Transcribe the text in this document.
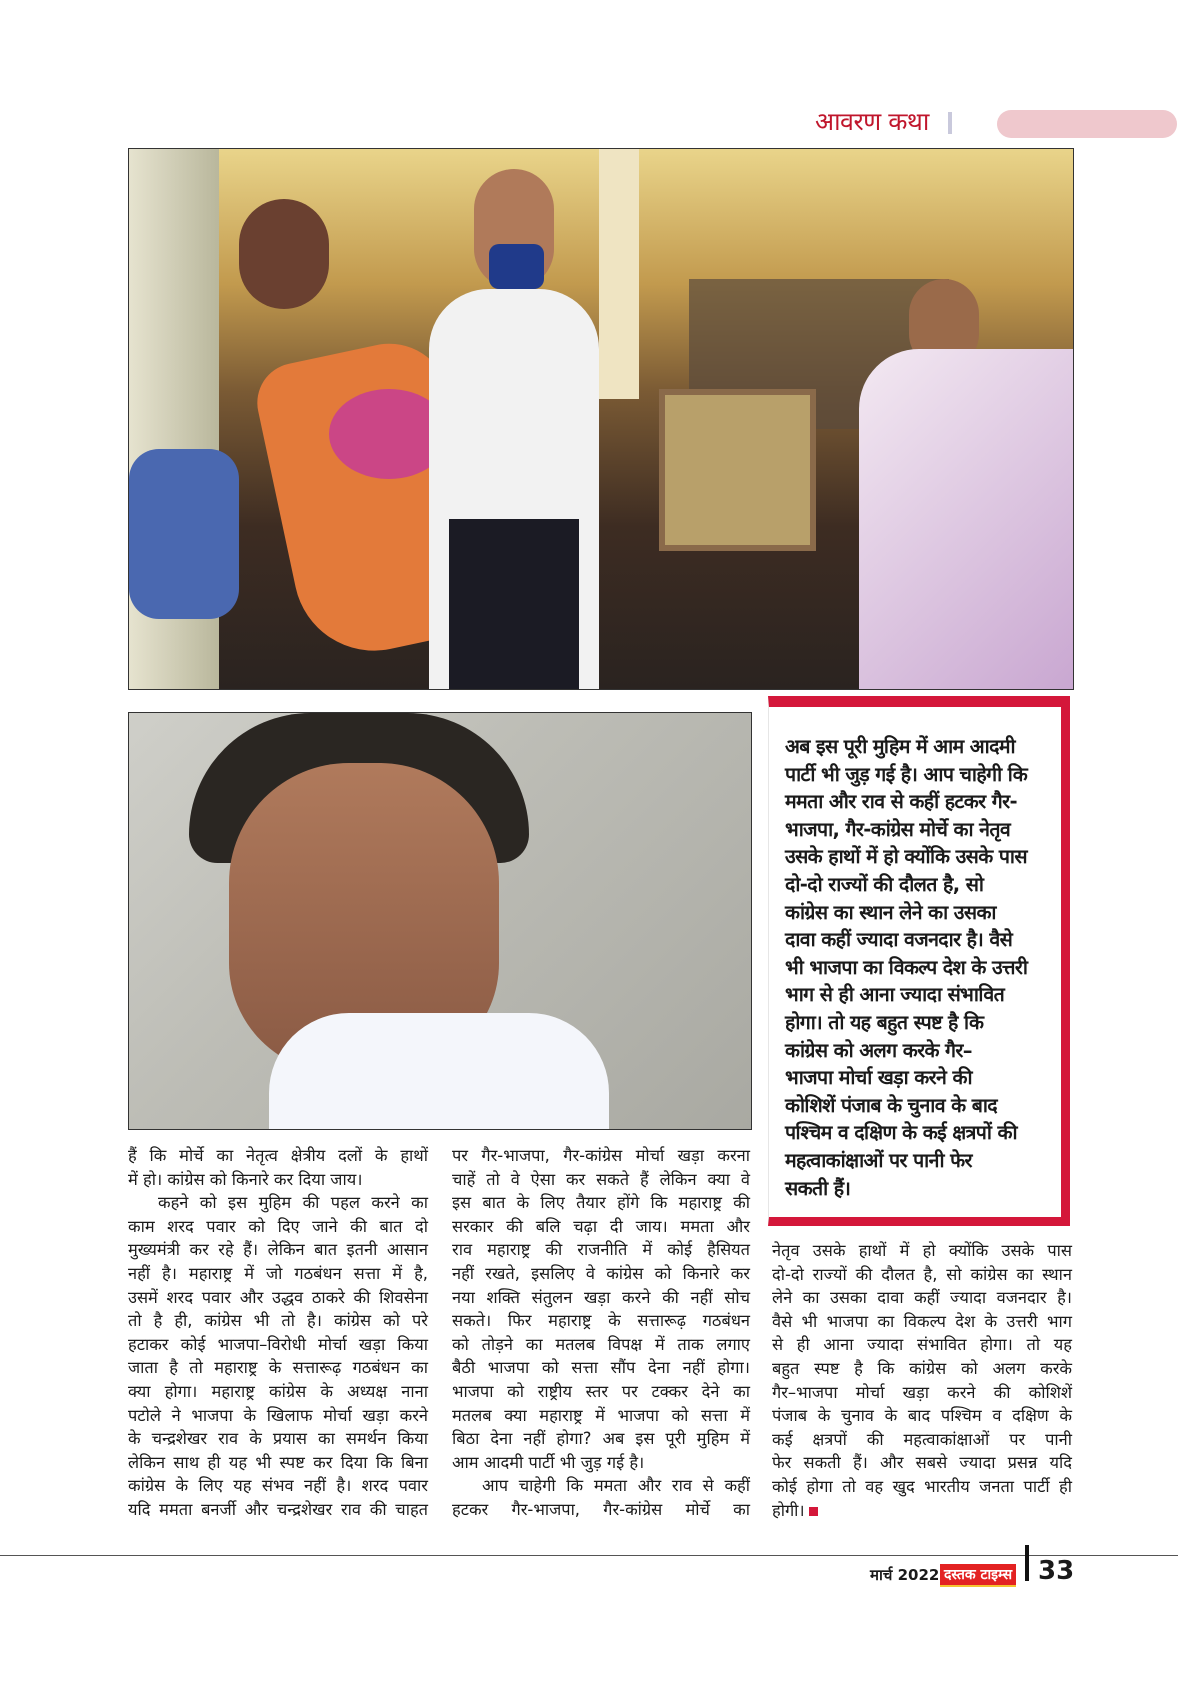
आवरण कथा
अब इस पूरी मुहिम में आम आदमी
पार्टी भी जुड़ गई है। आप चाहेगी कि
ममता और राव से कहीं हटकर गैर-
भाजपा, गैर-कांग्रेस मोर्चे का नेतृव
उसके हाथों में हो क्योंकि उसके पास
दो-दो राज्यों की दौलत है, सो
कांग्रेस का स्थान लेने का उसका
दावा कहीं ज्यादा वजनदार है। वैसे
भी भाजपा का विकल्प देश के उत्तरी
भाग से ही आना ज्यादा संभावित
होगा। तो यह बहुत स्पष्ट है कि
कांग्रेस को अलग करके गैर–
भाजपा मोर्चा खड़ा करने की
कोशिशें पंजाब के चुनाव के बाद
पश्चिम व दक्षिण के कई क्षत्रपों की
महत्वाकांक्षाओं पर पानी फेर
सकती हैं।
हैं कि मोर्चे का नेतृत्व क्षेत्रीय दलों के हाथों
में हो। कांग्रेस को किनारे कर दिया जाय।
कहने को इस मुहिम की पहल करने का
काम शरद पवार को दिए जाने की बात दो
मुख्यमंत्री कर रहे हैं। लेकिन बात इतनी आसान
नहीं है। महाराष्ट्र में जो गठबंधन सत्ता में है,
उसमें शरद पवार और उद्धव ठाकरे की शिवसेना
तो है ही, कांग्रेस भी तो है। कांग्रेस को परे
हटाकर कोई भाजपा–विरोधी मोर्चा खड़ा किया
जाता है तो महाराष्ट्र के सत्तारूढ़ गठबंधन का
क्या होगा। महाराष्ट्र कांग्रेस के अध्यक्ष नाना
पटोले ने भाजपा के खिलाफ मोर्चा खड़ा करने
के चन्द्रशेखर राव के प्रयास का समर्थन किया
लेकिन साथ ही यह भी स्पष्ट कर दिया कि बिना
कांग्रेस के लिए यह संभव नहीं है। शरद पवार
यदि ममता बनर्जी और चन्द्रशेखर राव की चाहत
पर गैर-भाजपा, गैर-कांग्रेस मोर्चा खड़ा करना
चाहें तो वे ऐसा कर सकते हैं लेकिन क्या वे
इस बात के लिए तैयार होंगे कि महाराष्ट्र की
सरकार की बलि चढ़ा दी जाय। ममता और
राव महाराष्ट्र की राजनीति में कोई हैसियत
नहीं रखते, इसलिए वे कांग्रेस को किनारे कर
नया शक्ति संतुलन खड़ा करने की नहीं सोच
सकते। फिर महाराष्ट्र के सत्तारूढ़ गठबंधन
को तोड़ने का मतलब विपक्ष में ताक लगाए
बैठी भाजपा को सत्ता सौंप देना नहीं होगा।
भाजपा को राष्ट्रीय स्तर पर टक्कर देने का
मतलब क्या महाराष्ट्र में भाजपा को सत्ता में
बिठा देना नहीं होगा? अब इस पूरी मुहिम में
आम आदमी पार्टी भी जुड़ गई है।
आप चाहेगी कि ममता और राव से कहीं
हटकर गैर-भाजपा, गैर-कांग्रेस मोर्चे का
नेतृव उसके हाथों में हो क्योंकि उसके पास
दो-दो राज्यों की दौलत है, सो कांग्रेस का स्थान
लेने का उसका दावा कहीं ज्यादा वजनदार है।
वैसे भी भाजपा का विकल्प देश के उत्तरी भाग
से ही आना ज्यादा संभावित होगा। तो यह
बहुत स्पष्ट है कि कांग्रेस को अलग करके
गैर–भाजपा मोर्चा खड़ा करने की कोशिशें
पंजाब के चुनाव के बाद पश्चिम व दक्षिण के
कई क्षत्रपों की महत्वाकांक्षाओं पर पानी
फेर सकती हैं। और सबसे ज्यादा प्रसन्न यदि
कोई होगा तो वह खुद भारतीय जनता पार्टी ही
होगी।
मार्च 2022 दस्तक टाइम्स 33
